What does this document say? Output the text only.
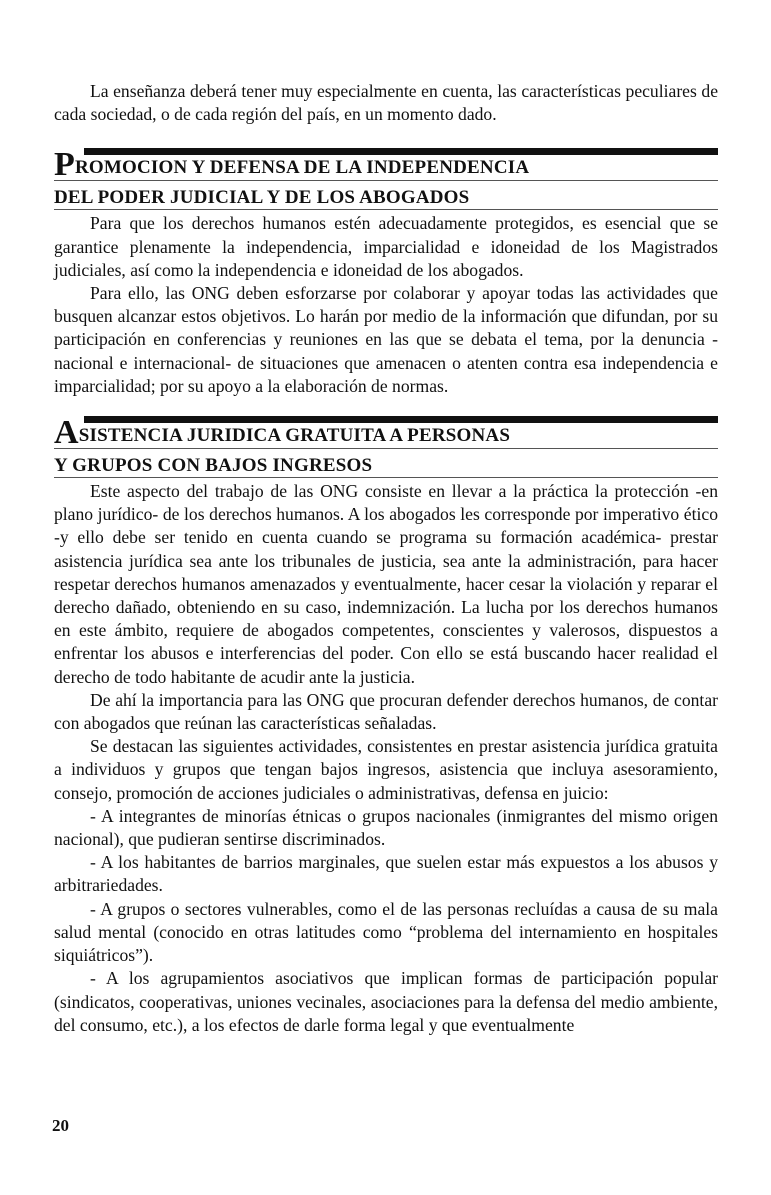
La enseñanza deberá tener muy especialmente en cuenta, las características peculiares de cada sociedad, o de cada región del país, en un momento dado.

PROMOCION Y DEFENSA DE LA INDEPENDENCIA
DEL PODER JUDICIAL Y DE LOS ABOGADOS

Para que los derechos humanos estén adecuadamente protegidos, es esencial que se garantice plenamente la independencia, imparcialidad e idoneidad de los Magistrados judiciales, así como la independencia e idoneidad de los abogados.

Para ello, las ONG deben esforzarse por colaborar y apoyar todas las actividades que busquen alcanzar estos objetivos. Lo harán por medio de la información que difundan, por su participación en conferencias y reuniones en las que se debata el tema, por la denuncia -nacional e internacional- de situaciones que amenacen o atenten contra esa independencia e imparcialidad; por su apoyo a la elaboración de normas.

ASISTENCIA JURIDICA GRATUITA A PERSONAS
Y GRUPOS CON BAJOS INGRESOS

Este aspecto del trabajo de las ONG consiste en llevar a la práctica la protección -en plano jurídico- de los derechos humanos. A los abogados les corresponde por imperativo ético -y ello debe ser tenido en cuenta cuando se programa su formación académica- prestar asistencia jurídica sea ante los tribunales de justicia, sea ante la administración, para hacer respetar derechos humanos amenazados y eventualmente, hacer cesar la violación y reparar el derecho dañado, obteniendo en su caso, indemnización. La lucha por los derechos humanos en este ámbito, requiere de abogados competentes, conscientes y valerosos, dispuestos a enfrentar los abusos e interferencias del poder. Con ello se está buscando hacer realidad el derecho de todo habitante de acudir ante la justicia.

De ahí la importancia para las ONG que procuran defender derechos humanos, de contar con abogados que reúnan las características señaladas.

Se destacan las siguientes actividades, consistentes en prestar asistencia jurídica gratuita a individuos y grupos que tengan bajos ingresos, asistencia que incluya asesoramiento, consejo, promoción de acciones judiciales o administrativas, defensa en juicio:

- A integrantes de minorías étnicas o grupos nacionales (inmigrantes del mismo origen nacional), que pudieran sentirse discriminados.

- A los habitantes de barrios marginales, que suelen estar más expuestos a los abusos y arbitrariedades.

- A grupos o sectores vulnerables, como el de las personas recluídas a causa de su mala salud mental (conocido en otras latitudes como “problema del internamiento en hospitales siquiátricos”).

- A los agrupamientos asociativos que implican formas de participación popular (sindicatos, cooperativas, uniones vecinales, asociaciones para la defensa del medio ambiente, del consumo, etc.), a los efectos de darle forma legal y que eventualmente

20
